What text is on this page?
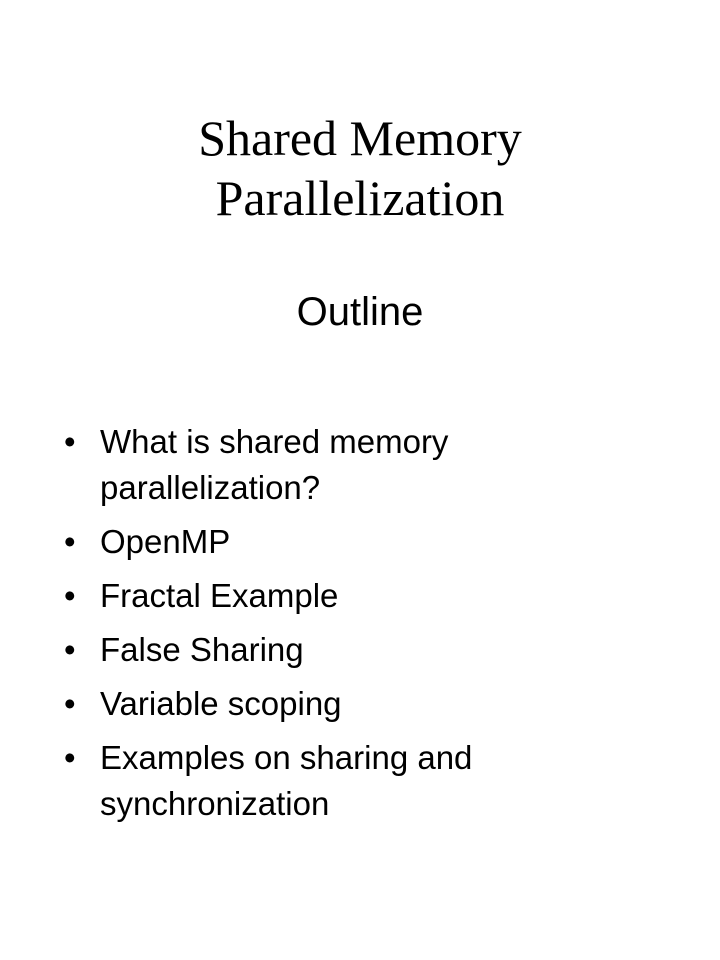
Shared Memory
Parallelization
Outline
• What is shared memory parallelization?
• OpenMP
• Fractal Example
• False Sharing
• Variable scoping
• Examples on sharing and synchronization
